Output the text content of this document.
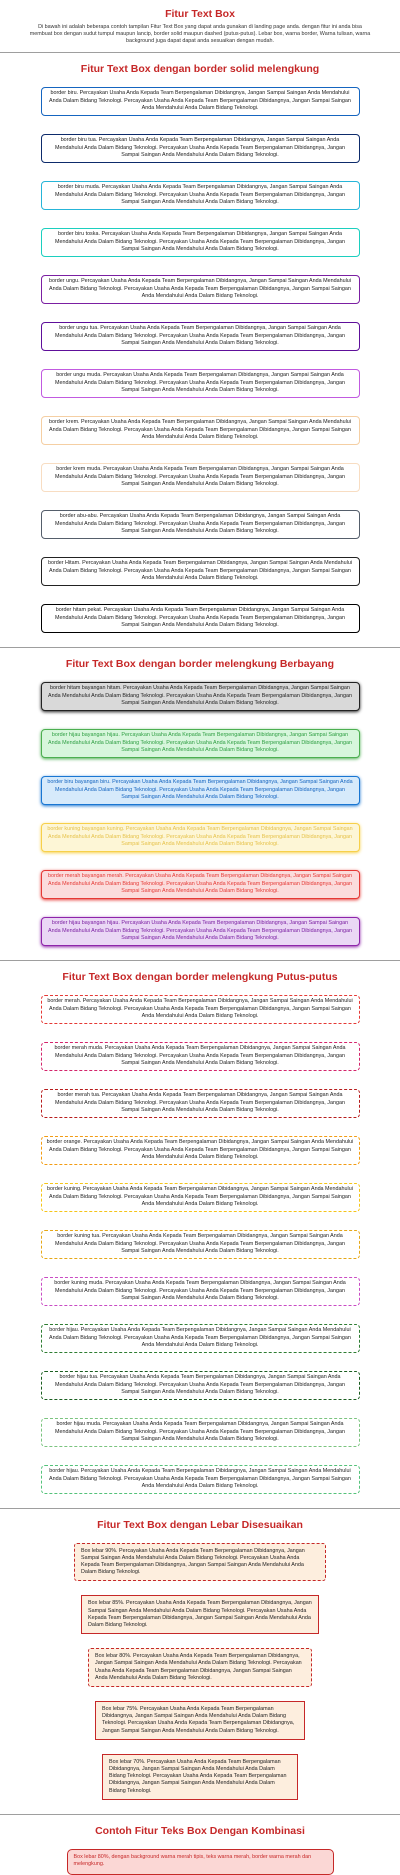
Fitur Text Box

Di bawah ini adalah beberapa contoh tampilan Fitur Text Box yang dapat anda gunakan di landing page anda. dengan fitur ini anda bisa membuat box dengan sudut tumpul maupun lancip, border solid maupun dashed (putus-putus). Lebar box, warna border, Warna tulisan, warna background juga dapat dapat anda sesuaikan dengan mudah.

Fitur Text Box dengan border solid melengkung
border biru. Percayakan Usaha Anda Kepada Team Berpengalaman Dibidangnya, Jangan Sampai Saingan Anda Mendahului Anda Dalam Bidang Teknologi. Percayakan Usaha Anda Kepada Team Berpengalaman Dibidangnya, Jangan Sampai Saingan Anda Mendahului Anda Dalam Bidang Teknologi.
border biru tua. Percayakan Usaha Anda Kepada Team Berpengalaman Dibidangnya, Jangan Sampai Saingan Anda Mendahului Anda Dalam Bidang Teknologi. Percayakan Usaha Anda Kepada Team Berpengalaman Dibidangnya, Jangan Sampai Saingan Anda Mendahului Anda Dalam Bidang Teknologi.
border biru muda. Percayakan Usaha Anda Kepada Team Berpengalaman Dibidangnya, Jangan Sampai Saingan Anda Mendahului Anda Dalam Bidang Teknologi. Percayakan Usaha Anda Kepada Team Berpengalaman Dibidangnya, Jangan Sampai Saingan Anda Mendahului Anda Dalam Bidang Teknologi.
border biru toska. Percayakan Usaha Anda Kepada Team Berpengalaman Dibidangnya, Jangan Sampai Saingan Anda Mendahului Anda Dalam Bidang Teknologi. Percayakan Usaha Anda Kepada Team Berpengalaman Dibidangnya, Jangan Sampai Saingan Anda Mendahului Anda Dalam Bidang Teknologi.
border ungu. Percayakan Usaha Anda Kepada Team Berpengalaman Dibidangnya, Jangan Sampai Saingan Anda Mendahului Anda Dalam Bidang Teknologi. Percayakan Usaha Anda Kepada Team Berpengalaman Dibidangnya, Jangan Sampai Saingan Anda Mendahului Anda Dalam Bidang Teknologi.
border ungu tua. Percayakan Usaha Anda Kepada Team Berpengalaman Dibidangnya, Jangan Sampai Saingan Anda Mendahului Anda Dalam Bidang Teknologi. Percayakan Usaha Anda Kepada Team Berpengalaman Dibidangnya, Jangan Sampai Saingan Anda Mendahului Anda Dalam Bidang Teknologi.
border ungu muda. Percayakan Usaha Anda Kepada Team Berpengalaman Dibidangnya, Jangan Sampai Saingan Anda Mendahului Anda Dalam Bidang Teknologi. Percayakan Usaha Anda Kepada Team Berpengalaman Dibidangnya, Jangan Sampai Saingan Anda Mendahului Anda Dalam Bidang Teknologi.
border krem. Percayakan Usaha Anda Kepada Team Berpengalaman Dibidangnya, Jangan Sampai Saingan Anda Mendahului Anda Dalam Bidang Teknologi. Percayakan Usaha Anda Kepada Team Berpengalaman Dibidangnya, Jangan Sampai Saingan Anda Mendahului Anda Dalam Bidang Teknologi.
border krem muda. Percayakan Usaha Anda Kepada Team Berpengalaman Dibidangnya, Jangan Sampai Saingan Anda Mendahului Anda Dalam Bidang Teknologi. Percayakan Usaha Anda Kepada Team Berpengalaman Dibidangnya, Jangan Sampai Saingan Anda Mendahului Anda Dalam Bidang Teknologi.
border abu-abu. Percayakan Usaha Anda Kepada Team Berpengalaman Dibidangnya, Jangan Sampai Saingan Anda Mendahului Anda Dalam Bidang Teknologi. Percayakan Usaha Anda Kepada Team Berpengalaman Dibidangnya, Jangan Sampai Saingan Anda Mendahului Anda Dalam Bidang Teknologi.
border Hitam. Percayakan Usaha Anda Kepada Team Berpengalaman Dibidangnya, Jangan Sampai Saingan Anda Mendahului Anda Dalam Bidang Teknologi. Percayakan Usaha Anda Kepada Team Berpengalaman Dibidangnya, Jangan Sampai Saingan Anda Mendahului Anda Dalam Bidang Teknologi.
border hitam pekat. Percayakan Usaha Anda Kepada Team Berpengalaman Dibidangnya, Jangan Sampai Saingan Anda Mendahului Anda Dalam Bidang Teknologi. Percayakan Usaha Anda Kepada Team Berpengalaman Dibidangnya, Jangan Sampai Saingan Anda Mendahului Anda Dalam Bidang Teknologi.
Fitur Text Box dengan border melengkung Berbayang
border hitam bayangan hitam. Percayakan Usaha Anda Kepada Team Berpengalaman Dibidangnya, Jangan Sampai Saingan Anda Mendahului Anda Dalam Bidang Teknologi. Percayakan Usaha Anda Kepada Team Berpengalaman Dibidangnya, Jangan Sampai Saingan Anda Mendahului Anda Dalam Bidang Teknologi.
border hijau bayangan hijau. Percayakan Usaha Anda Kepada Team Berpengalaman Dibidangnya, Jangan Sampai Saingan Anda Mendahului Anda Dalam Bidang Teknologi. Percayakan Usaha Anda Kepada Team Berpengalaman Dibidangnya, Jangan Sampai Saingan Anda Mendahului Anda Dalam Bidang Teknologi.
border biru bayangan biru. Percayakan Usaha Anda Kepada Team Berpengalaman Dibidangnya, Jangan Sampai Saingan Anda Mendahului Anda Dalam Bidang Teknologi. Percayakan Usaha Anda Kepada Team Berpengalaman Dibidangnya, Jangan Sampai Saingan Anda Mendahului Anda Dalam Bidang Teknologi.
border kuning bayangan kuning. Percayakan Usaha Anda Kepada Team Berpengalaman Dibidangnya, Jangan Sampai Saingan Anda Mendahului Anda Dalam Bidang Teknologi. Percayakan Usaha Anda Kepada Team Berpengalaman Dibidangnya, Jangan Sampai Saingan Anda Mendahului Anda Dalam Bidang Teknologi.
border merah bayangan merah. Percayakan Usaha Anda Kepada Team Berpengalaman Dibidangnya, Jangan Sampai Saingan Anda Mendahului Anda Dalam Bidang Teknologi. Percayakan Usaha Anda Kepada Team Berpengalaman Dibidangnya, Jangan Sampai Saingan Anda Mendahului Anda Dalam Bidang Teknologi.
border hijau bayangan hijau. Percayakan Usaha Anda Kepada Team Berpengalaman Dibidangnya, Jangan Sampai Saingan Anda Mendahului Anda Dalam Bidang Teknologi. Percayakan Usaha Anda Kepada Team Berpengalaman Dibidangnya, Jangan Sampai Saingan Anda Mendahului Anda Dalam Bidang Teknologi.
Fitur Text Box dengan border melengkung Putus-putus
border merah. Percayakan Usaha Anda Kepada Team Berpengalaman Dibidangnya, Jangan Sampai Saingan Anda Mendahului Anda Dalam Bidang Teknologi. Percayakan Usaha Anda Kepada Team Berpengalaman Dibidangnya, Jangan Sampai Saingan Anda Mendahului Anda Dalam Bidang Teknologi.
border merah muda. Percayakan Usaha Anda Kepada Team Berpengalaman Dibidangnya, Jangan Sampai Saingan Anda Mendahului Anda Dalam Bidang Teknologi. Percayakan Usaha Anda Kepada Team Berpengalaman Dibidangnya, Jangan Sampai Saingan Anda Mendahului Anda Dalam Bidang Teknologi.
border merah tua. Percayakan Usaha Anda Kepada Team Berpengalaman Dibidangnya, Jangan Sampai Saingan Anda Mendahului Anda Dalam Bidang Teknologi. Percayakan Usaha Anda Kepada Team Berpengalaman Dibidangnya, Jangan Sampai Saingan Anda Mendahului Anda Dalam Bidang Teknologi.
border orange. Percayakan Usaha Anda Kepada Team Berpengalaman Dibidangnya, Jangan Sampai Saingan Anda Mendahului Anda Dalam Bidang Teknologi. Percayakan Usaha Anda Kepada Team Berpengalaman Dibidangnya, Jangan Sampai Saingan Anda Mendahului Anda Dalam Bidang Teknologi.
border kuning. Percayakan Usaha Anda Kepada Team Berpengalaman Dibidangnya, Jangan Sampai Saingan Anda Mendahului Anda Dalam Bidang Teknologi. Percayakan Usaha Anda Kepada Team Berpengalaman Dibidangnya, Jangan Sampai Saingan Anda Mendahului Anda Dalam Bidang Teknologi.
border kuning tua. Percayakan Usaha Anda Kepada Team Berpengalaman Dibidangnya, Jangan Sampai Saingan Anda Mendahului Anda Dalam Bidang Teknologi. Percayakan Usaha Anda Kepada Team Berpengalaman Dibidangnya, Jangan Sampai Saingan Anda Mendahului Anda Dalam Bidang Teknologi.
border kuning muda. Percayakan Usaha Anda Kepada Team Berpengalaman Dibidangnya, Jangan Sampai Saingan Anda Mendahului Anda Dalam Bidang Teknologi. Percayakan Usaha Anda Kepada Team Berpengalaman Dibidangnya, Jangan Sampai Saingan Anda Mendahului Anda Dalam Bidang Teknologi.
border hijau. Percayakan Usaha Anda Kepada Team Berpengalaman Dibidangnya, Jangan Sampai Saingan Anda Mendahului Anda Dalam Bidang Teknologi. Percayakan Usaha Anda Kepada Team Berpengalaman Dibidangnya, Jangan Sampai Saingan Anda Mendahului Anda Dalam Bidang Teknologi.
border hijau tua. Percayakan Usaha Anda Kepada Team Berpengalaman Dibidangnya, Jangan Sampai Saingan Anda Mendahului Anda Dalam Bidang Teknologi. Percayakan Usaha Anda Kepada Team Berpengalaman Dibidangnya, Jangan Sampai Saingan Anda Mendahului Anda Dalam Bidang Teknologi.
border hijau muda. Percayakan Usaha Anda Kepada Team Berpengalaman Dibidangnya, Jangan Sampai Saingan Anda Mendahului Anda Dalam Bidang Teknologi. Percayakan Usaha Anda Kepada Team Berpengalaman Dibidangnya, Jangan Sampai Saingan Anda Mendahului Anda Dalam Bidang Teknologi.
border hijau. Percayakan Usaha Anda Kepada Team Berpengalaman Dibidangnya, Jangan Sampai Saingan Anda Mendahului Anda Dalam Bidang Teknologi. Percayakan Usaha Anda Kepada Team Berpengalaman Dibidangnya, Jangan Sampai Saingan Anda Mendahului Anda Dalam Bidang Teknologi.
Fitur Text Box dengan Lebar Disesuaikan
Box lebar 90%. Percayakan Usaha Anda Kepada Team Berpengalaman Dibidangnya, Jangan Sampai Saingan Anda Mendahului Anda Dalam Bidang Teknologi. Percayakan Usaha Anda Kepada Team Berpengalaman Dibidangnya, Jangan Sampai Saingan Anda Mendahului Anda Dalam Bidang Teknologi.
Box lebar 85%. Percayakan Usaha Anda Kepada Team Berpengalaman Dibidangnya, Jangan Sampai Saingan Anda Mendahului Anda Dalam Bidang Teknologi. Percayakan Usaha Anda Kepada Team Berpengalaman Dibidangnya, Jangan Sampai Saingan Anda Mendahului Anda Dalam Bidang Teknologi.
Box lebar 80%. Percayakan Usaha Anda Kepada Team Berpengalaman Dibidangnya, Jangan Sampai Saingan Anda Mendahului Anda Dalam Bidang Teknologi. Percayakan Usaha Anda Kepada Team Berpengalaman Dibidangnya, Jangan Sampai Saingan Anda Mendahului Anda Dalam Bidang Teknologi.
Box lebar 75%. Percayakan Usaha Anda Kepada Team Berpengalaman Dibidangnya, Jangan Sampai Saingan Anda Mendahului Anda Dalam Bidang Teknologi. Percayakan Usaha Anda Kepada Team Berpengalaman Dibidangnya, Jangan Sampai Saingan Anda Mendahului Anda Dalam Bidang Teknologi.
Box lebar 70%. Percayakan Usaha Anda Kepada Team Berpengalaman Dibidangnya, Jangan Sampai Saingan Anda Mendahului Anda Dalam Bidang Teknologi. Percayakan Usaha Anda Kepada Team Berpengalaman Dibidangnya, Jangan Sampai Saingan Anda Mendahului Anda Dalam Bidang Teknologi.
Contoh Fitur Teks Box Dengan Kombinasi
Box lebar 80%, dengan background warna merah tipis, teks warna merah, border warna merah dan melengkung.
